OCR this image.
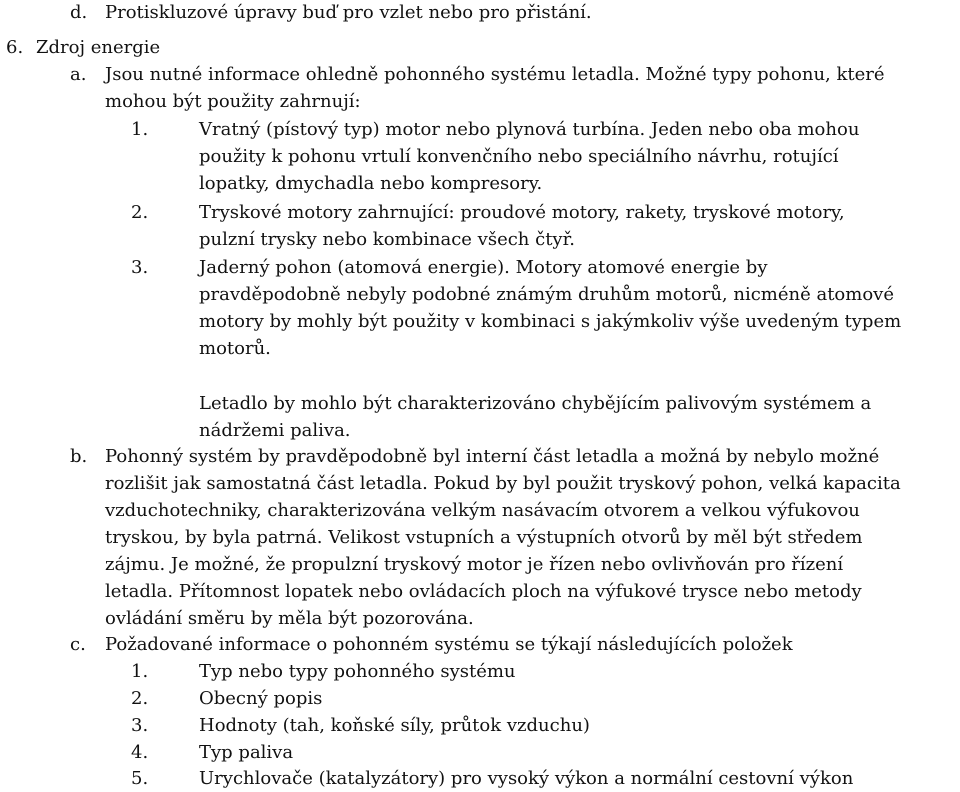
d. Protiskluzové úpravy buď pro vzlet nebo pro přistání.
6. Zdroj energie
a. Jsou nutné informace ohledně pohonného systému letadla. Možné typy pohonu, které
mohou být použity zahrnují:
1.	Vratný (pístový typ) motor nebo plynová turbína. Jeden nebo oba mohou
použity k pohonu vrtulí konvenčního nebo speciálního návrhu, rotující
lopatky, dmychadla nebo kompresory.
2.	Tryskové motory zahrnující: proudové motory, rakety, tryskové motory,
pulzní trysky nebo kombinace všech čtyř.
3.	Jaderný pohon (atomová energie). Motory atomové energie by
pravděpodobně nebyly podobné známým druhům motorů, nicméně atomové
motory by mohly být použity v kombinaci s jakýmkoliv výše uvedeným typem
motorů.
Letadlo by mohlo být charakterizováno chybějícím palivovým systémem a
nádržemi paliva.
b. Pohonný systém by pravděpodobně byl interní část letadla a možná by nebylo možné
rozlišit jak samostatná část letadla. Pokud by byl použit tryskový pohon, velká kapacita
vzduchotechniky, charakterizována velkým nasávacím otvorem a velkou výfukovou
tryskou, by byla patrná. Velikost vstupních a výstupních otvorů by měl být středem
zájmu. Je možné, že propulzní tryskový motor je řízen nebo ovlivňován pro řízení
letadla. Přítomnost lopatek nebo ovládacích ploch na výfukové trysce nebo metody
ovládání směru by měla být pozorována.
c. Požadované informace o pohonném systému se týkají následujících položek
1.	Typ nebo typy pohonného systému
2.	Obecný popis
3.	Hodnoty (tah, koňské síly, průtok vzduchu)
4.	Typ paliva
5.	Urychlovače (katalyzátory) pro vysoký výkon a normální cestovní výkon
